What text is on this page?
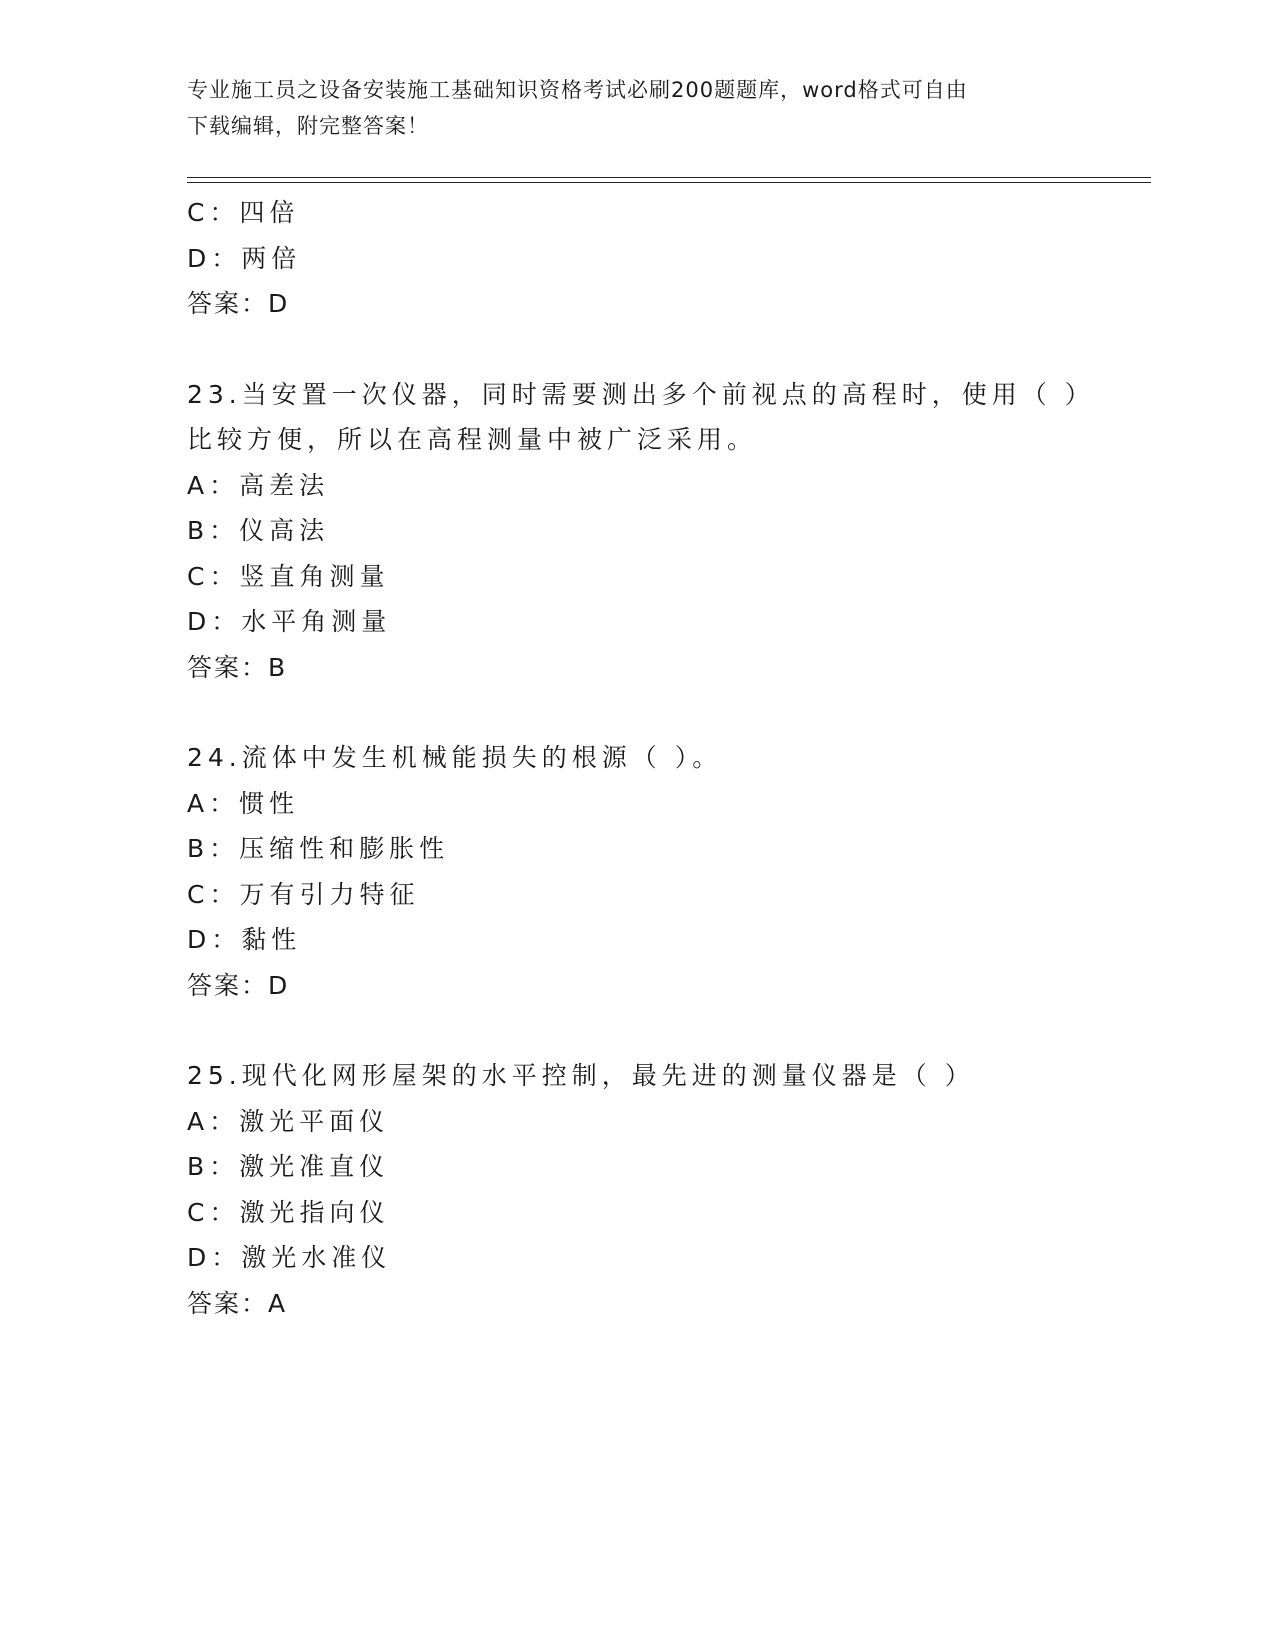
专业施工员之设备安装施工基础知识资格考试必刷200题题库，word格式可自由
下载编辑，附完整答案！
C：四倍
D：两倍
答案：D
23.当安置一次仪器，同时需要测出多个前视点的高程时，使用（ ）
比较方便，所以在高程测量中被广泛采用。
A：高差法
B：仪高法
C：竖直角测量
D：水平角测量
答案：B
24.流体中发生机械能损失的根源（ ）。
A：惯性
B：压缩性和膨胀性
C：万有引力特征
D：黏性
答案：D
25.现代化网形屋架的水平控制，最先进的测量仪器是（ ）
A：激光平面仪
B：激光准直仪
C：激光指向仪
D：激光水准仪
答案：A
